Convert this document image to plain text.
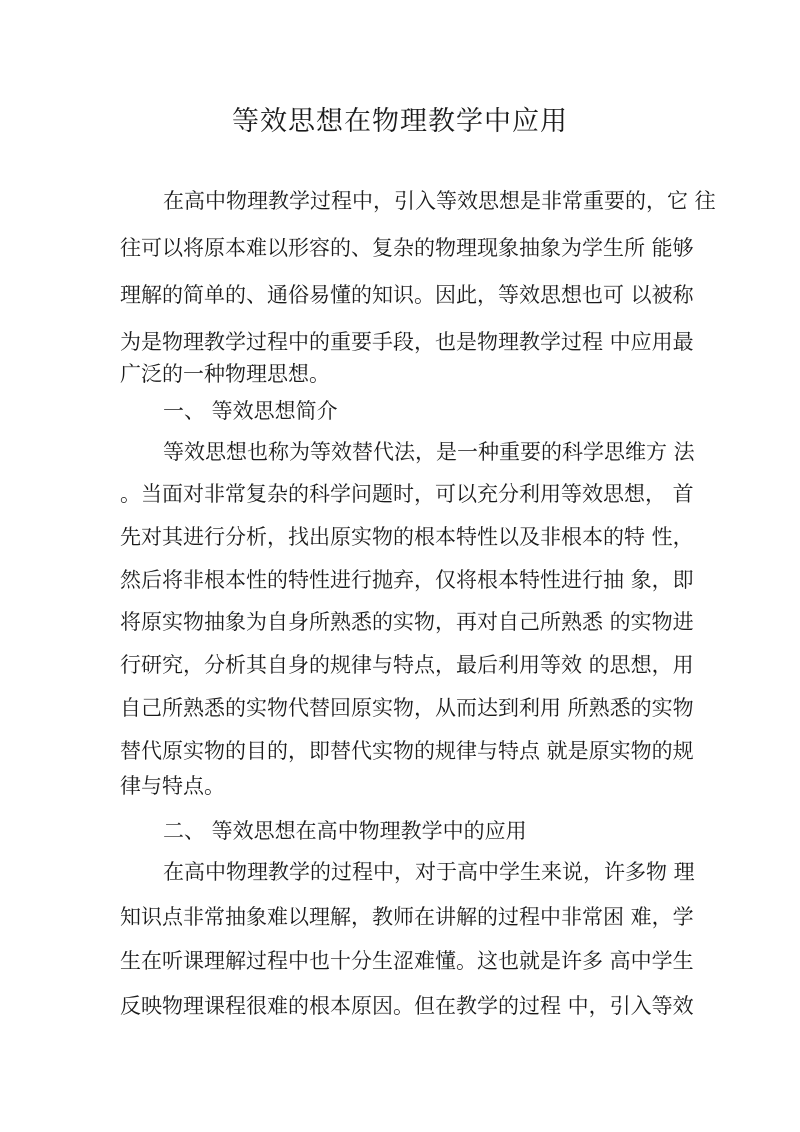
等效思想在物理教学中应用

在高中物理教学过程中，引入等效思想是非常重要的，它 往

往可以将原本难以形容的、复杂的物理现象抽象为学生所 能够

理解的简单的、通俗易懂的知识。因此，等效思想也可 以被称

为是物理教学过程中的重要手段，也是物理教学过程 中应用最

广泛的一种物理思想。

一、 等效思想简介

等效思想也称为等效替代法，是一种重要的科学思维方 法

。当面对非常复杂的科学问题时，可以充分利用等效思想， 首

先对其进行分析，找出原实物的根本特性以及非根本的特 性，

然后将非根本性的特性进行抛弃，仅将根本特性进行抽 象，即

将原实物抽象为自身所熟悉的实物，再对自己所熟悉 的实物进

行研究，分析其自身的规律与特点，最后利用等效 的思想，用

自己所熟悉的实物代替回原实物，从而达到利用 所熟悉的实物

替代原实物的目的，即替代实物的规律与特点 就是原实物的规

律与特点。

二、 等效思想在高中物理教学中的应用

在高中物理教学的过程中，对于高中学生来说，许多物 理

知识点非常抽象难以理解，教师在讲解的过程中非常困 难，学

生在听课理解过程中也十分生涩难懂。这也就是许多 高中学生

反映物理课程很难的根本原因。但在教学的过程 中，引入等效
